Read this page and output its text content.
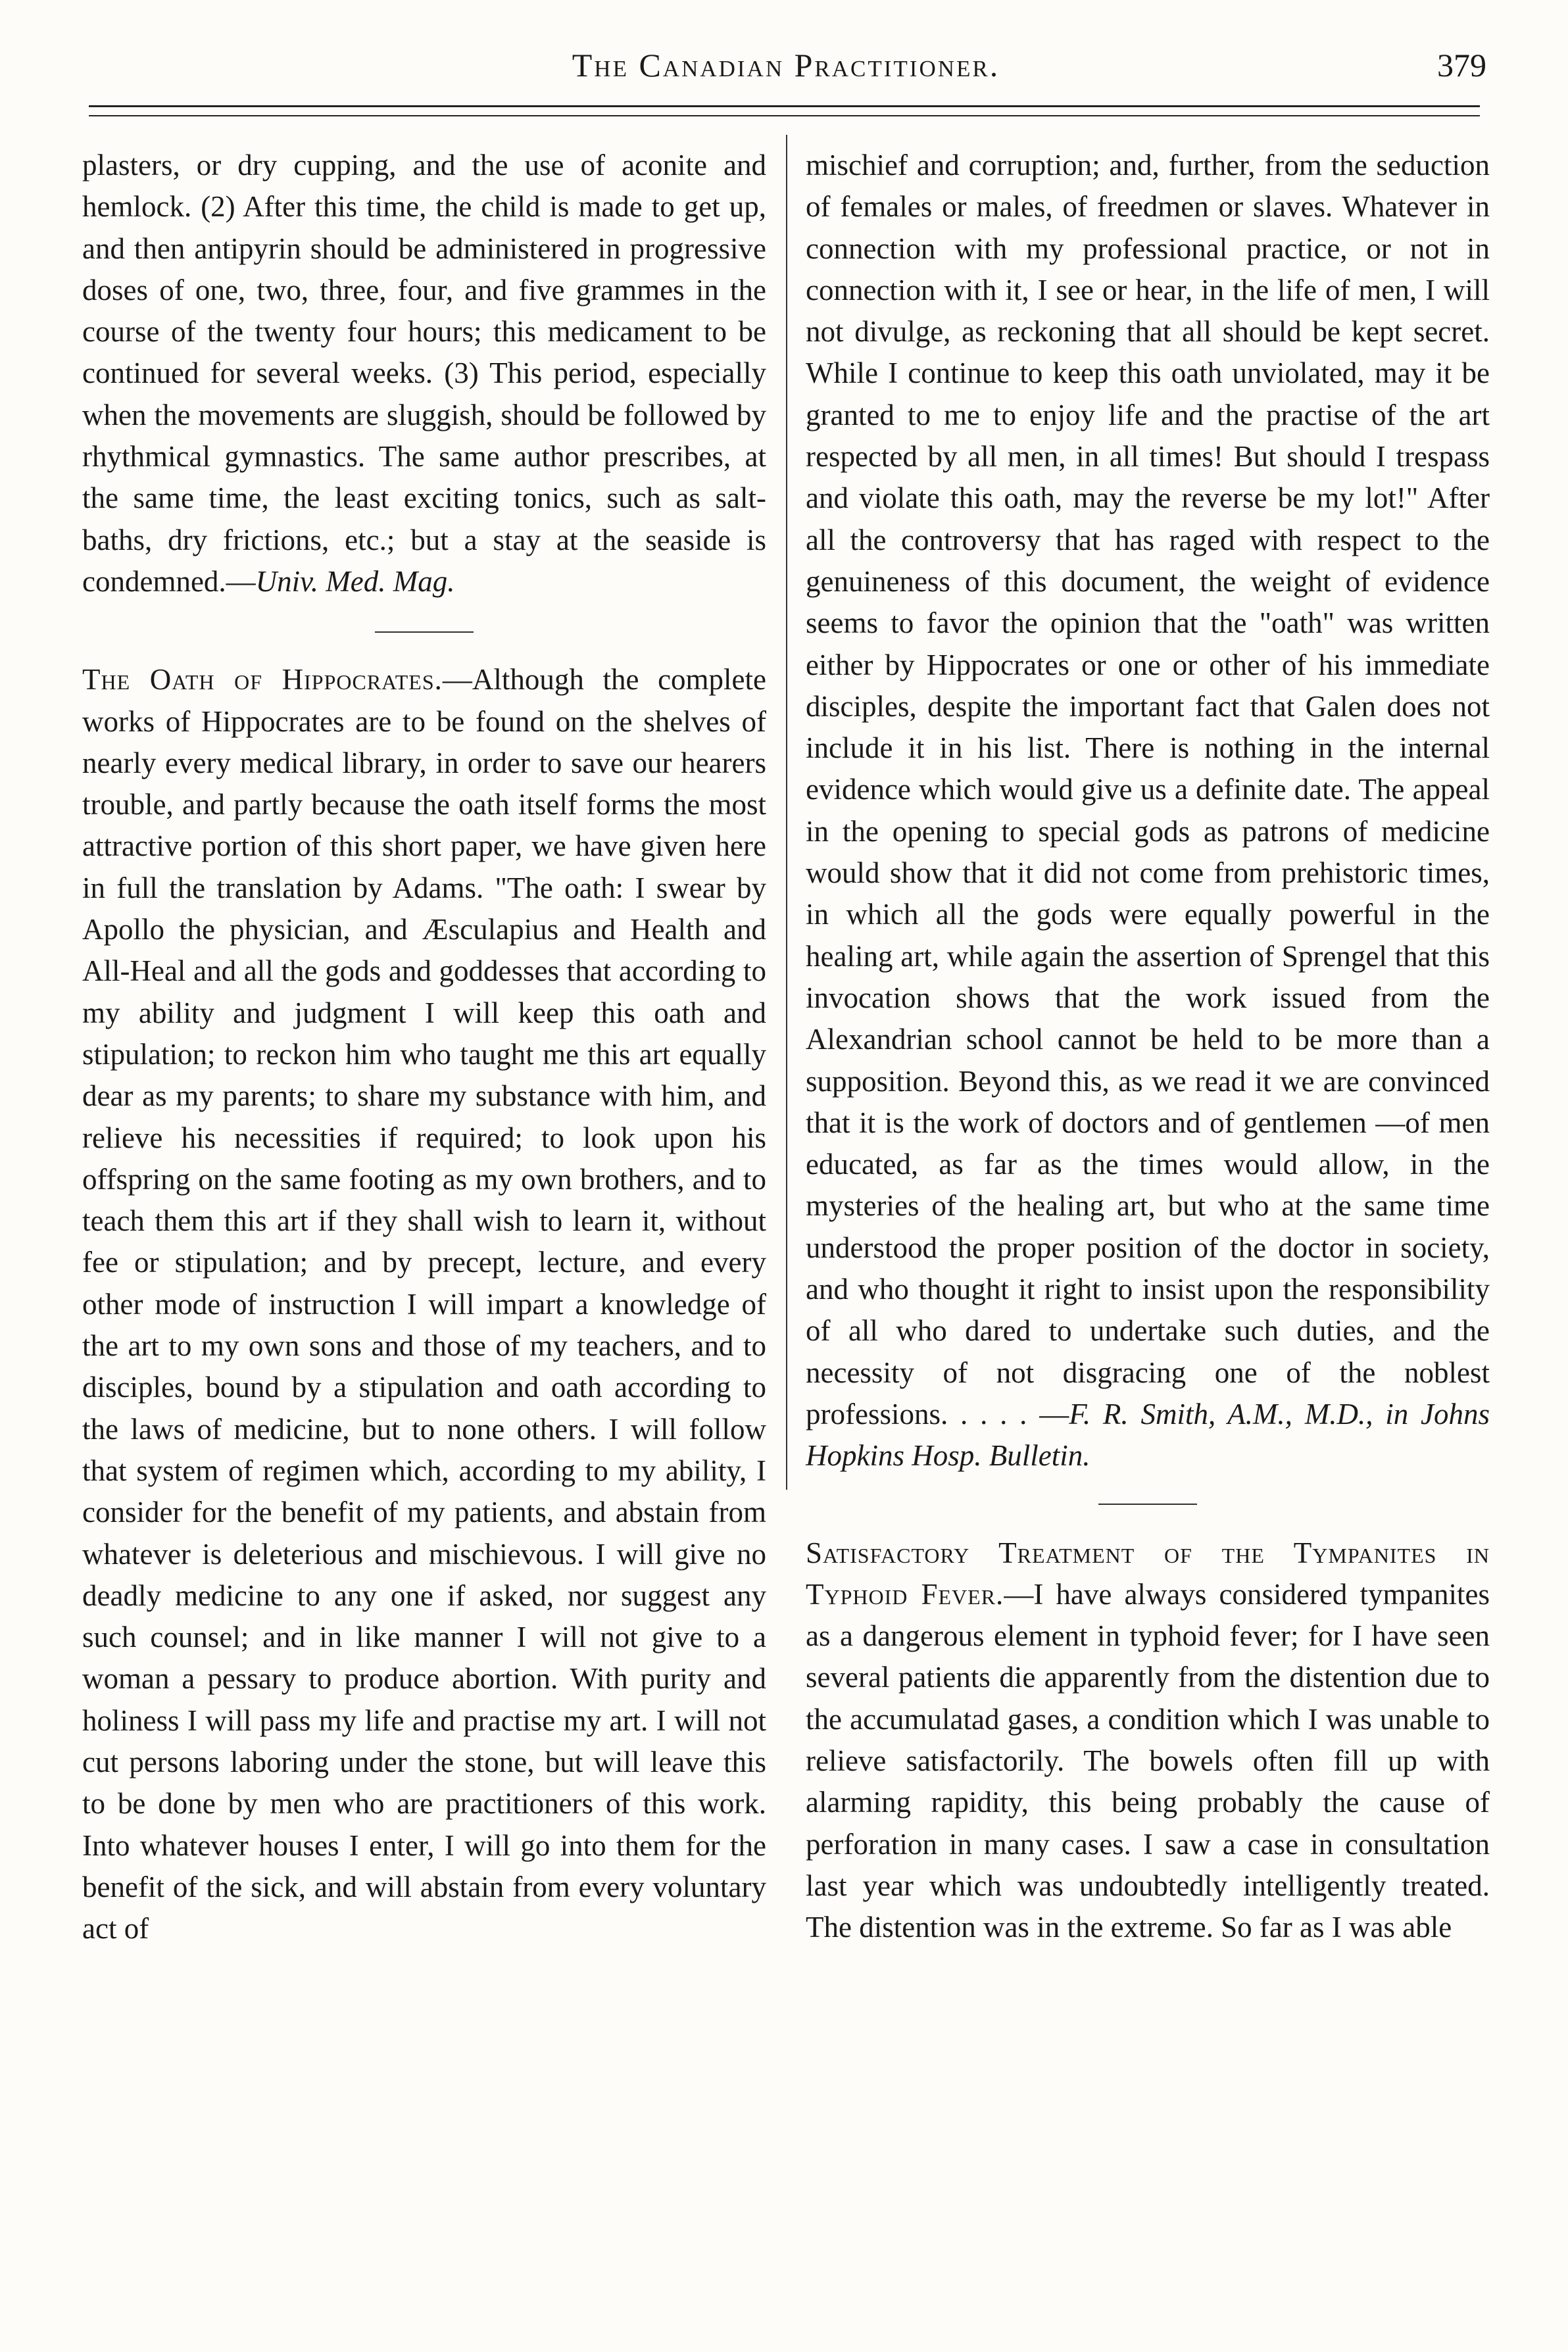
The Canadian Practitioner.	379

plasters, or dry cupping, and the use of aconite and hemlock. (2) After this time, the child is made to get up, and then antipyrin should be administered in progressive doses of one, two, three, four, and five grammes in the course of the twenty four hours; this medicament to be continued for several weeks. (3) This period, especially when the movements are sluggish, should be followed by rhythmical gymnastics. The same author prescribes, at the same time, the least exciting tonics, such as salt-baths, dry frictions, etc.; but a stay at the seaside is condemned.—Univ. Med. Mag.

The Oath of Hippocrates.—Although the complete works of Hippocrates are to be found on the shelves of nearly every medical library, in order to save our hearers trouble, and partly because the oath itself forms the most attractive portion of this short paper, we have given here in full the translation by Adams. "The oath: I swear by Apollo the physician, and Æsculapius and Health and All-Heal and all the gods and goddesses that according to my ability and judgment I will keep this oath and stipulation; to reckon him who taught me this art equally dear as my parents; to share my substance with him, and relieve his necessities if required; to look upon his offspring on the same footing as my own brothers, and to teach them this art if they shall wish to learn it, without fee or stipulation; and by precept, lecture, and every other mode of instruction I will impart a knowledge of the art to my own sons and those of my teachers, and to disciples, bound by a stipulation and oath according to the laws of medicine, but to none others. I will follow that system of regimen which, according to my ability, I consider for the benefit of my patients, and abstain from whatever is deleterious and mischievous. I will give no deadly medicine to any one if asked, nor suggest any such counsel; and in like manner I will not give to a woman a pessary to produce abortion. With purity and holiness I will pass my life and practise my art. I will not cut persons laboring under the stone, but will leave this to be done by men who are practitioners of this work. Into whatever houses I enter, I will go into them for the benefit of the sick, and will abstain from every voluntary act of

mischief and corruption; and, further, from the seduction of females or males, of freedmen or slaves. Whatever in connection with my professional practice, or not in connection with it, I see or hear, in the life of men, I will not divulge, as reckoning that all should be kept secret. While I continue to keep this oath unviolated, may it be granted to me to enjoy life and the practise of the art respected by all men, in all times! But should I trespass and violate this oath, may the reverse be my lot!" After all the controversy that has raged with respect to the genuineness of this document, the weight of evidence seems to favor the opinion that the "oath" was written either by Hippocrates or one or other of his immediate disciples, despite the important fact that Galen does not include it in his list. There is nothing in the internal evidence which would give us a definite date. The appeal in the opening to special gods as patrons of medicine would show that it did not come from prehistoric times, in which all the gods were equally powerful in the healing art, while again the assertion of Sprengel that this invocation shows that the work issued from the Alexandrian school cannot be held to be more than a supposition. Beyond this, as we read it we are convinced that it is the work of doctors and of gentlemen —of men educated, as far as the times would allow, in the mysteries of the healing art, but who at the same time understood the proper position of the doctor in society, and who thought it right to insist upon the responsibility of all who dared to undertake such duties, and the necessity of not disgracing one of the noblest professions. . . . . —F. R. Smith, A.M., M.D., in Johns Hopkins Hosp. Bulletin.

Satisfactory Treatment of the Tympanites in Typhoid Fever.—I have always considered tympanites as a dangerous element in typhoid fever; for I have seen several patients die apparently from the distention due to the accumulatad gases, a condition which I was unable to relieve satisfactorily. The bowels often fill up with alarming rapidity, this being probably the cause of perforation in many cases. I saw a case in consultation last year which was undoubtedly intelligently treated. The distention was in the extreme. So far as I was able
